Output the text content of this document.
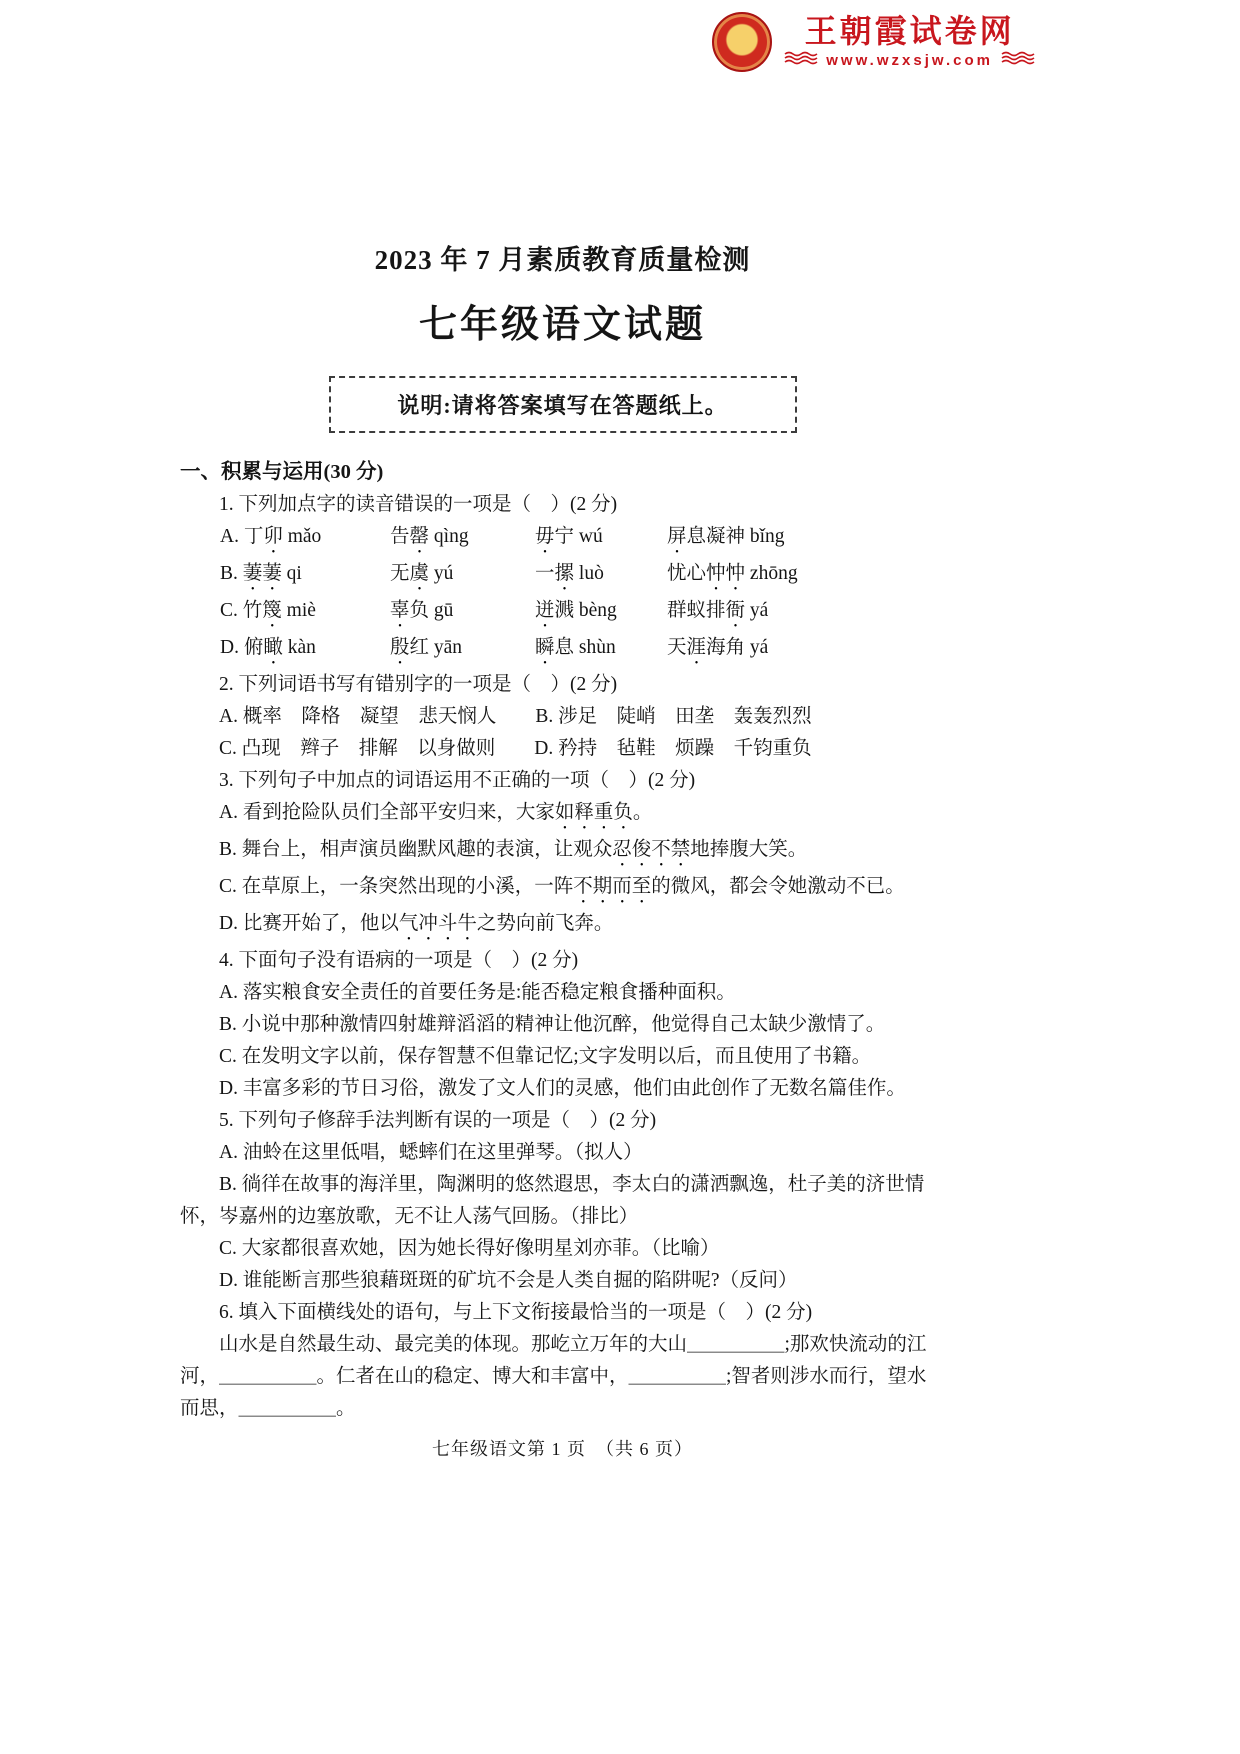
王朝霞试卷网
www.wzxsjw.com
2023 年 7 月素质教育质量检测
七年级语文试题
说明:请将答案填写在答题纸上。

一、积累与运用(30 分)

1. 下列加点字的读音错误的一项是（　）(2 分)

A. 丁卯 mǎo	告罄 qìng	毋宁 wú	屏息凝神 bǐng
B. 萋萋 qi	无虞 yú	一摞 luò	忧心忡忡 zhōng
C. 竹篾 miè	辜负 gū	迸溅 bèng	群蚁排衙 yá
D. 俯瞰 kàn	殷红 yān	瞬息 shùn	天涯海角 yá

2. 下列词语书写有错别字的一项是（　）(2 分)

A. 概率　降格　凝望　悲天悯人　　B. 涉足　陡峭　田垄　轰轰烈烈

C. 凸现　辫子　排解　以身做则　　D. 矜持　毡鞋　烦躁　千钧重负

3. 下列句子中加点的词语运用不正确的一项（　）(2 分)

A. 看到抢险队员们全部平安归来，大家如释重负。

B. 舞台上，相声演员幽默风趣的表演，让观众忍俊不禁地捧腹大笑。

C. 在草原上，一条突然出现的小溪，一阵不期而至的微风，都会令她激动不已。

D. 比赛开始了，他以气冲斗牛之势向前飞奔。

4. 下面句子没有语病的一项是（　）(2 分)

A. 落实粮食安全责任的首要任务是:能否稳定粮食播种面积。

B. 小说中那种激情四射雄辩滔滔的精神让他沉醉，他觉得自己太缺少激情了。

C. 在发明文字以前，保存智慧不但靠记忆;文字发明以后，而且使用了书籍。

D. 丰富多彩的节日习俗，激发了文人们的灵感，他们由此创作了无数名篇佳作。

5. 下列句子修辞手法判断有误的一项是（　）(2 分)

A. 油蛉在这里低唱，蟋蟀们在这里弹琴。（拟人）

B. 徜徉在故事的海洋里，陶渊明的悠然遐思，李太白的潇洒飘逸，杜子美的济世情怀，岑嘉州的边塞放歌，无不让人荡气回肠。（排比）

C. 大家都很喜欢她，因为她长得好像明星刘亦菲。（比喻）

D. 谁能断言那些狼藉斑斑的矿坑不会是人类自掘的陷阱呢?（反问）

6. 填入下面横线处的语句，与上下文衔接最恰当的一项是（　）(2 分)

山水是自然最生动、最完美的体现。那屹立万年的大山＿＿＿＿＿;那欢快流动的江河，＿＿＿＿＿。仁者在山的稳定、博大和丰富中，＿＿＿＿＿;智者则涉水而行，望水而思，＿＿＿＿＿。

七年级语文第 1 页　（共 6 页）
